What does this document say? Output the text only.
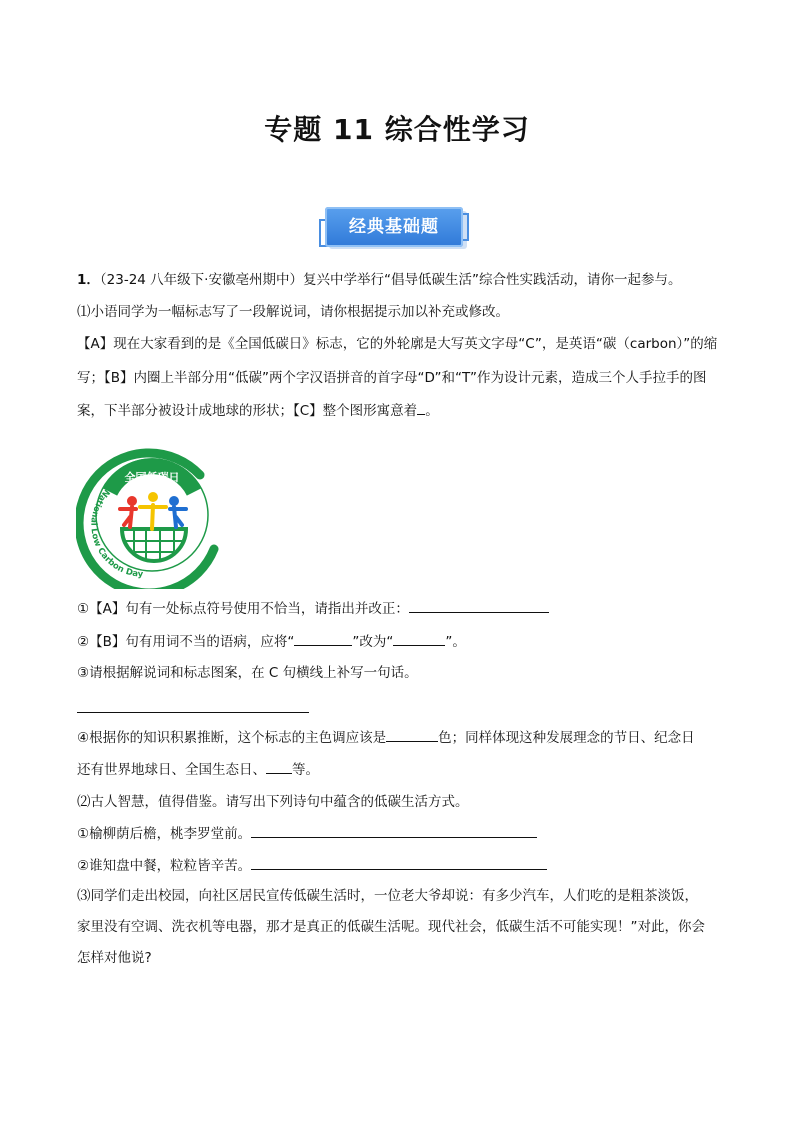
专题 11 综合性学习
经典基础题
1．（23-24 八年级下·安徽亳州期中）复兴中学举行“倡导低碳生活”综合性实践活动，请你一起参与。
⑴小语同学为一幅标志写了一段解说词，请你根据提示加以补充或修改。
【A】现在大家看到的是《全国低碳日》标志，它的外轮廓是大写英文字母“C”，是英语“碳（carbon）”的缩
写；【B】内圈上半部分用“低碳”两个字汉语拼音的首字母“D”和“T”作为设计元素，造成三个人手拉手的图
案，下半部分被设计成地球的形状；【C】整个图形寓意着 。
全国低碳日
National Low Carbon Day
①【A】句有一处标点符号使用不恰当，请指出并改正：
②【B】句有用词不当的语病，应将“	”改为“	”。
③请根据解说词和标志图案，在 C 句横线上补写一句话。
④根据你的知识积累推断，这个标志的主色调应该是	色；同样体现这种发展理念的节日、纪念日
还有世界地球日、全国生态日、 等。
⑵古人智慧，值得借鉴。请写出下列诗句中蕴含的低碳生活方式。
①榆柳荫后檐，桃李罗堂前。
②谁知盘中餐，粒粒皆辛苦。
⑶同学们走出校园，向社区居民宣传低碳生活时，一位老大爷却说：有多少汽车，人们吃的是粗茶淡饭，
家里没有空调、洗衣机等电器，那才是真正的低碳生活呢。现代社会，低碳生活不可能实现！”对此，你会
怎样对他说?
